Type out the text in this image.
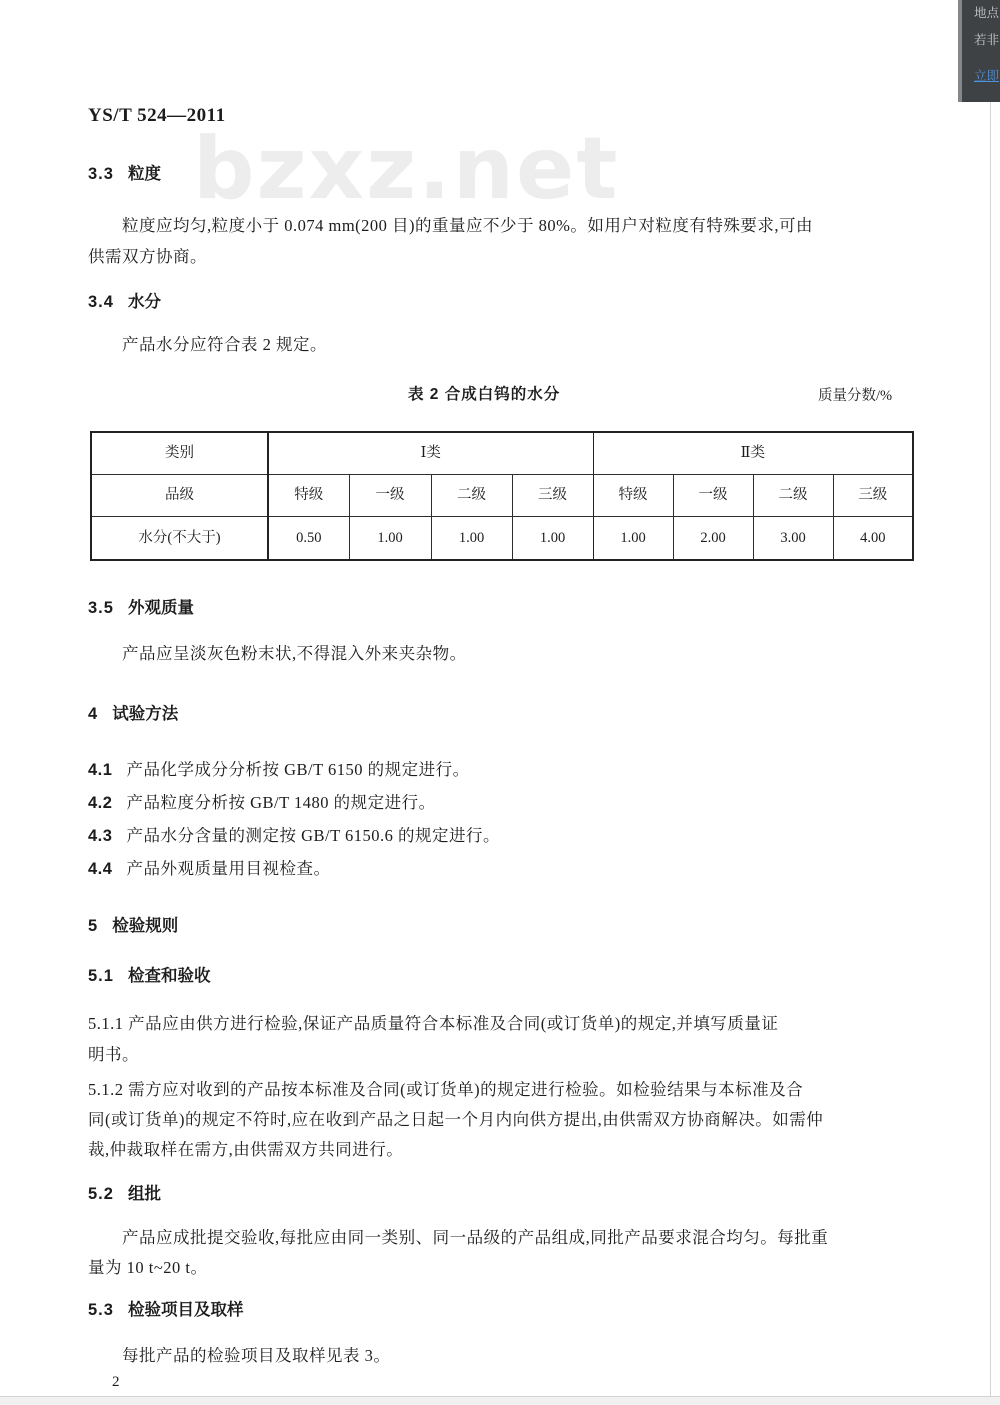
bzxz.net
YS/T 524—2011
3.3 粒度
粒度应均匀,粒度小于 0.074 mm(200 目)的重量应不少于 80%。如用户对粒度有特殊要求,可由
供需双方协商。
3.4 水分
产品水分应符合表 2 规定。
表 2 合成白钨的水分	质量分数/%
类别	Ⅰ类				Ⅱ类			
品级	特级	一级	二级	三级	特级	一级	二级	三级
水分(不大于)	0.50	1.00	1.00	1.00	1.00	2.00	3.00	4.00
3.5 外观质量
产品应呈淡灰色粉末状,不得混入外来夹杂物。
4 试验方法
4.1 产品化学成分分析按 GB/T 6150 的规定进行。
4.2 产品粒度分析按 GB/T 1480 的规定进行。
4.3 产品水分含量的测定按 GB/T 6150.6 的规定进行。
4.4 产品外观质量用目视检查。
5 检验规则
5.1 检查和验收
5.1.1 产品应由供方进行检验,保证产品质量符合本标准及合同(或订货单)的规定,并填写质量证
明书。
5.1.2 需方应对收到的产品按本标准及合同(或订货单)的规定进行检验。如检验结果与本标准及合
同(或订货单)的规定不符时,应在收到产品之日起一个月内向供方提出,由供需双方协商解决。如需仲
裁,仲裁取样在需方,由供需双方共同进行。
5.2 组批
产品应成批提交验收,每批应由同一类别、同一品级的产品组成,同批产品要求混合均匀。每批重
量为 10 t~20 t。
5.3 检验项目及取样
每批产品的检验项目及取样见表 3。
2
地点
若非
立即
